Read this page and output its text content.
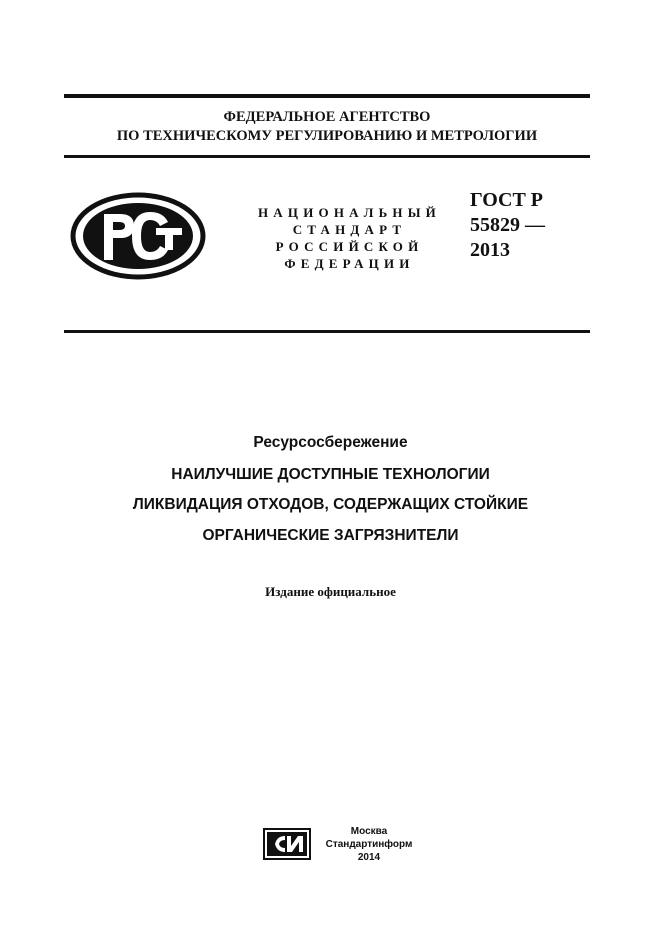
ФЕДЕРАЛЬНОЕ АГЕНТСТВО
ПО ТЕХНИЧЕСКОМУ РЕГУЛИРОВАНИЮ И МЕТРОЛОГИИ
НАЦИОНАЛЬНЫЙ
СТАНДАРТ
РОССИЙСКОЙ
ФЕДЕРАЦИИ
ГОСТ Р
55829 —
2013
Ресурсосбережение
НАИЛУЧШИЕ ДОСТУПНЫЕ ТЕХНОЛОГИИ
ЛИКВИДАЦИЯ ОТХОДОВ, СОДЕРЖАЩИХ СТОЙКИЕ
ОРГАНИЧЕСКИЕ ЗАГРЯЗНИТЕЛИ
Издание официальное
Москва
Стандартинформ
2014
